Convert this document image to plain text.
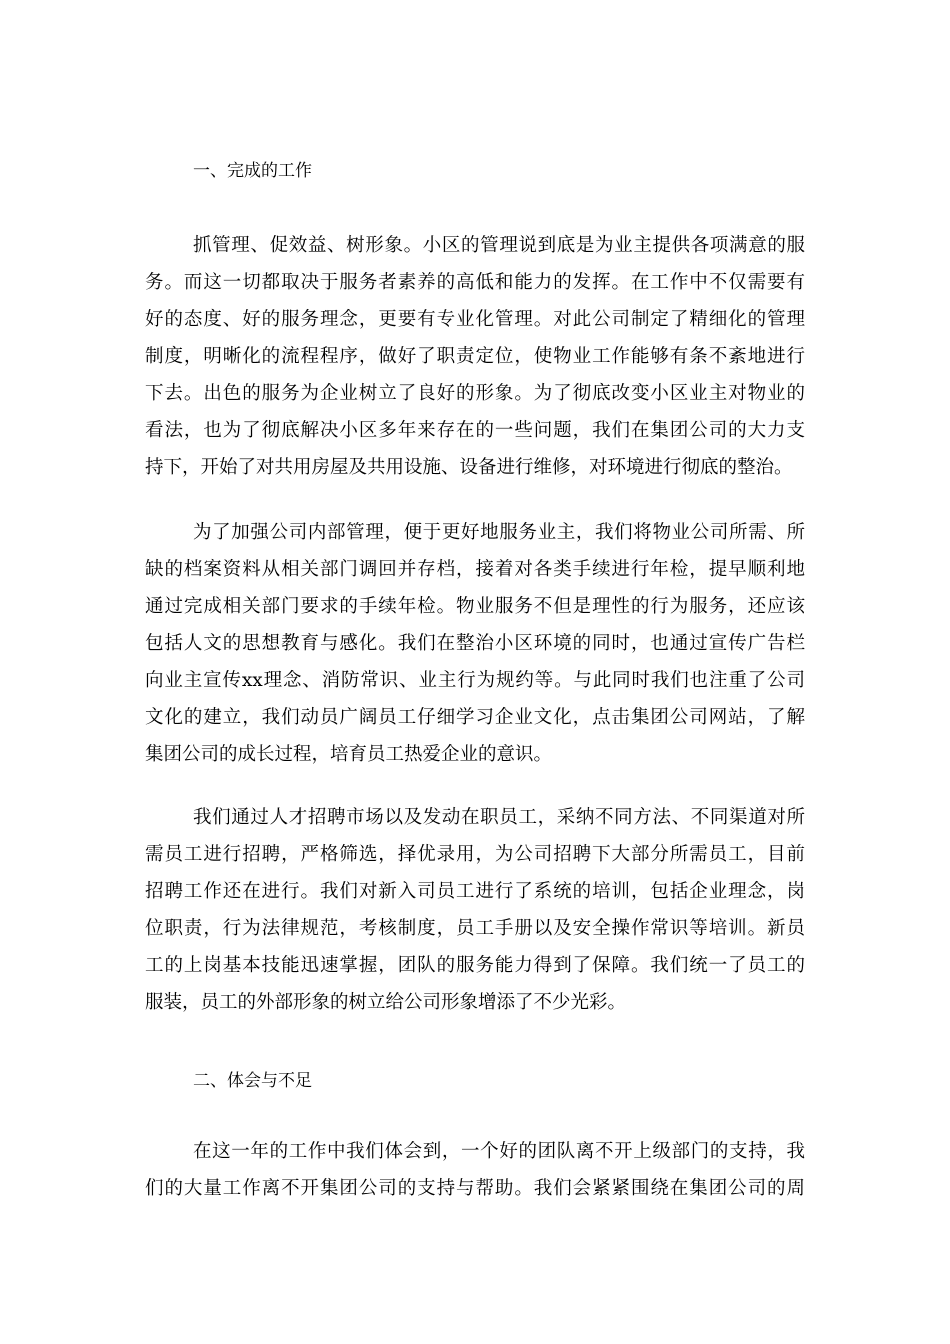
一、完成的工作
抓管理、促效益、树形象。小区的管理说到底是为业主提供各项满意的服
务。而这一切都取决于服务者素养的高低和能力的发挥。在工作中不仅需要有
好的态度、好的服务理念，更要有专业化管理。对此公司制定了精细化的管理
制度，明晰化的流程程序，做好了职责定位，使物业工作能够有条不紊地进行
下去。出色的服务为企业树立了良好的形象。为了彻底改变小区业主对物业的
看法，也为了彻底解决小区多年来存在的一些问题，我们在集团公司的大力支
持下，开始了对共用房屋及共用设施、设备进行维修，对环境进行彻底的整治。
为了加强公司内部管理，便于更好地服务业主，我们将物业公司所需、所
缺的档案资料从相关部门调回并存档，接着对各类手续进行年检，提早顺利地
通过完成相关部门要求的手续年检。物业服务不但是理性的行为服务，还应该
包括人文的思想教育与感化。我们在整治小区环境的同时，也通过宣传广告栏
向业主宣传xx理念、消防常识、业主行为规约等。与此同时我们也注重了公司
文化的建立，我们动员广阔员工仔细学习企业文化，点击集团公司网站，了解
集团公司的成长过程，培育员工热爱企业的意识。
我们通过人才招聘市场以及发动在职员工，采纳不同方法、不同渠道对所
需员工进行招聘，严格筛选，择优录用，为公司招聘下大部分所需员工，目前
招聘工作还在进行。我们对新入司员工进行了系统的培训，包括企业理念，岗
位职责，行为法律规范，考核制度，员工手册以及安全操作常识等培训。新员
工的上岗基本技能迅速掌握，团队的服务能力得到了保障。我们统一了员工的
服装，员工的外部形象的树立给公司形象增添了不少光彩。
二、体会与不足
在这一年的工作中我们体会到，一个好的团队离不开上级部门的支持，我
们的大量工作离不开集团公司的支持与帮助。我们会紧紧围绕在集团公司的周
